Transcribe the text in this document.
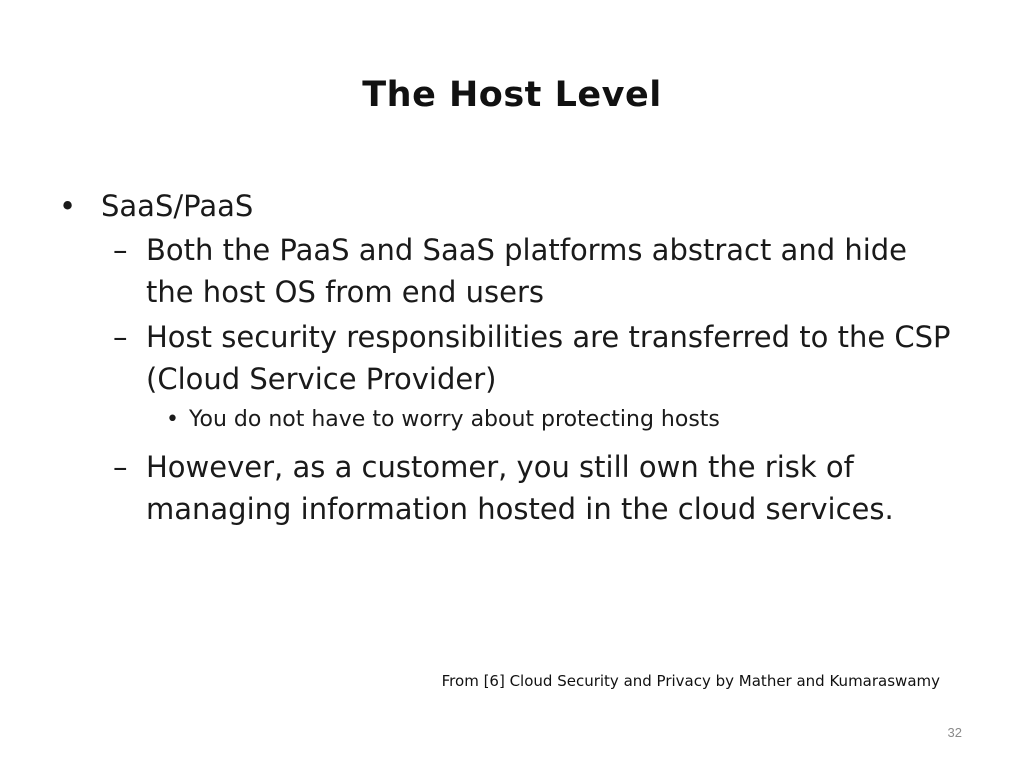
The Host Level
• SaaS/PaaS
– Both the PaaS and SaaS platforms abstract and hide the host OS from end users
– Host security responsibilities are transferred to the CSP (Cloud Service Provider)
• You do not have to worry about protecting hosts
– However, as a customer, you still own the risk of managing information hosted in the cloud services.
From [6] Cloud Security and Privacy by Mather and Kumaraswamy
32
